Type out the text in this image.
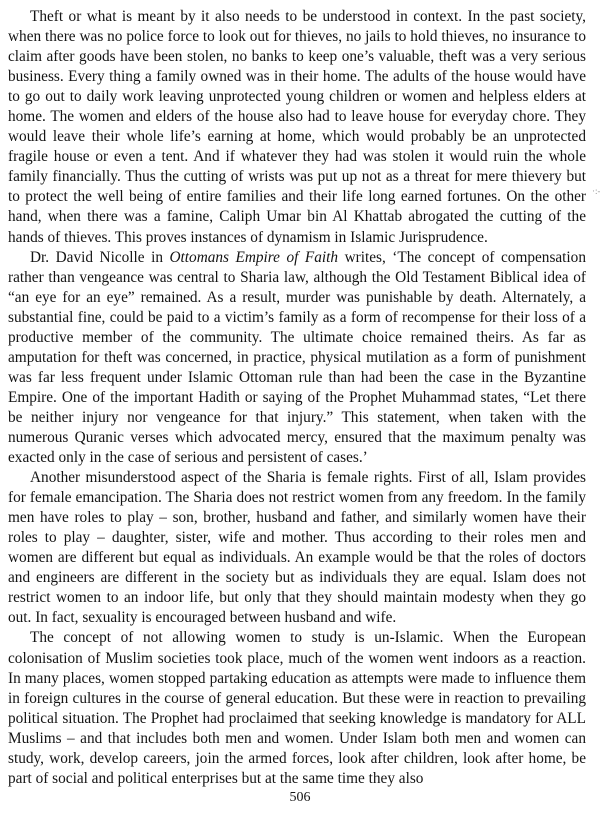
Theft or what is meant by it also needs to be understood in context. In the past society, when there was no police force to look out for thieves, no jails to hold thieves, no insurance to claim after goods have been stolen, no banks to keep one’s valuable, theft was a very serious business. Every thing a family owned was in their home. The adults of the house would have to go out to daily work leaving unprotected young children or women and helpless elders at home. The women and elders of the house also had to leave house for everyday chore. They would leave their whole life’s earning at home, which would probably be an unprotected fragile house or even a tent. And if whatever they had was stolen it would ruin the whole family financially. Thus the cutting of wrists was put up not as a threat for mere thievery but to protect the well being of entire families and their life long earned fortunes. On the other hand, when there was a famine, Caliph Umar bin Al Khattab abrogated the cutting of the hands of thieves. This proves instances of dynamism in Islamic Jurisprudence.

Dr. David Nicolle in Ottomans Empire of Faith writes, ‘The concept of compensation rather than vengeance was central to Sharia law, although the Old Testament Biblical idea of “an eye for an eye” remained. As a result, murder was punishable by death. Alternately, a substantial fine, could be paid to a victim’s family as a form of recompense for their loss of a productive member of the community. The ultimate choice remained theirs. As far as amputation for theft was concerned, in practice, physical mutilation as a form of punishment was far less frequent under Islamic Ottoman rule than had been the case in the Byzantine Empire. One of the important Hadith or saying of the Prophet Muhammad states, “Let there be neither injury nor vengeance for that injury.” This statement, when taken with the numerous Quranic verses which advocated mercy, ensured that the maximum penalty was exacted only in the case of serious and persistent of cases.’

Another misunderstood aspect of the Sharia is female rights. First of all, Islam provides for female emancipation. The Sharia does not restrict women from any freedom. In the family men have roles to play – son, brother, husband and father, and similarly women have their roles to play – daughter, sister, wife and mother. Thus according to their roles men and women are different but equal as individuals. An example would be that the roles of doctors and engineers are different in the society but as individuals they are equal. Islam does not restrict women to an indoor life, but only that they should maintain modesty when they go out. In fact, sexuality is encouraged between husband and wife.

The concept of not allowing women to study is un-Islamic. When the European colonisation of Muslim societies took place, much of the women went indoors as a reaction. In many places, women stopped partaking education as attempts were made to influence them in foreign cultures in the course of general education. But these were in reaction to prevailing political situation. The Prophet had proclaimed that seeking knowledge is mandatory for ALL Muslims – and that includes both men and women. Under Islam both men and women can study, work, develop careers, join the armed forces, look after children, look after home, be part of social and political enterprises but at the same time they also

·:-
506
